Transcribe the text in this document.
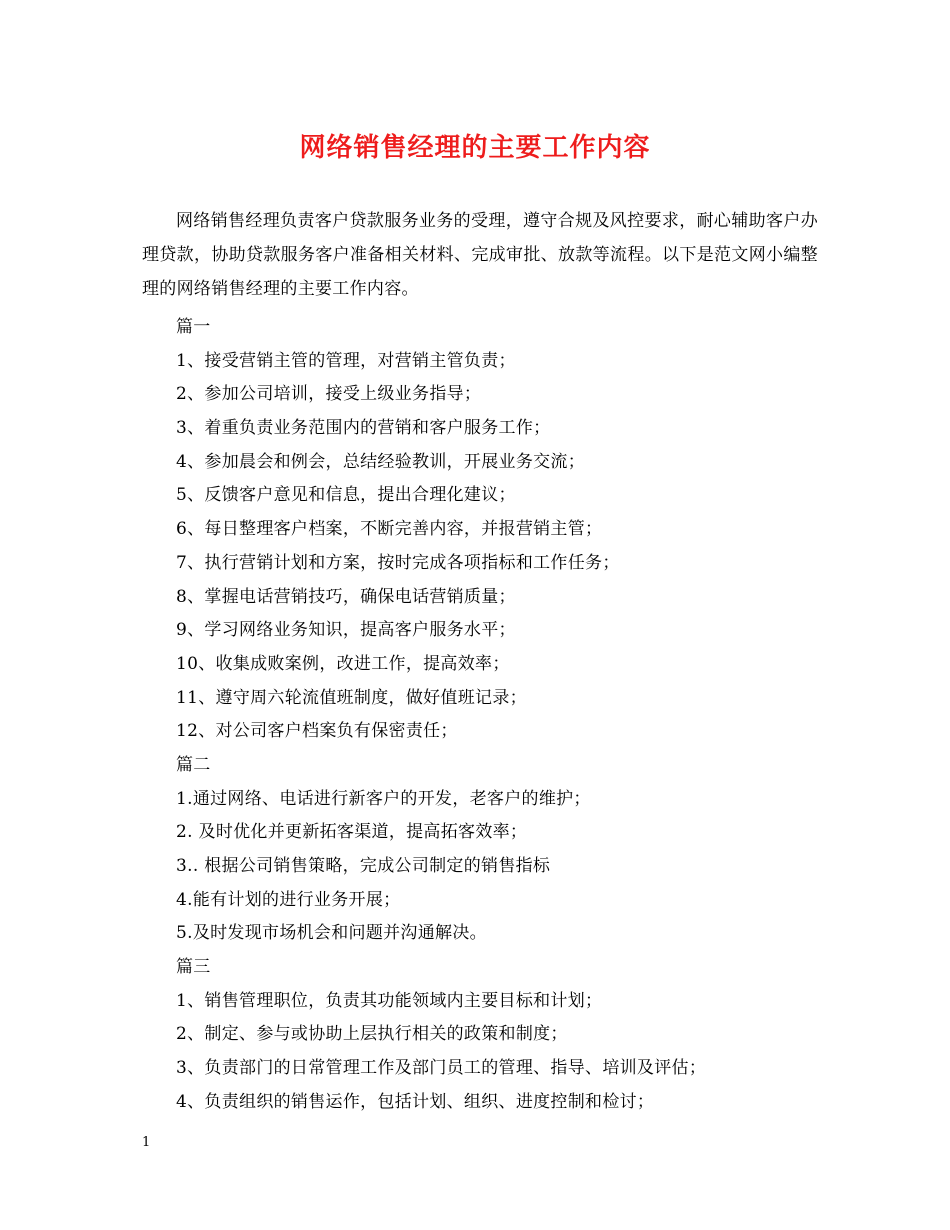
网络销售经理的主要工作内容
网络销售经理负责客户贷款服务业务的受理，遵守合规及风控要求，耐心辅助客户办理贷款，协助贷款服务客户准备相关材料、完成审批、放款等流程。以下是范文网小编整理的网络销售经理的主要工作内容。
篇一
1、接受营销主管的管理，对营销主管负责；
2、参加公司培训，接受上级业务指导；
3、着重负责业务范围内的营销和客户服务工作；
4、参加晨会和例会，总结经验教训，开展业务交流；
5、反馈客户意见和信息，提出合理化建议；
6、每日整理客户档案，不断完善内容，并报营销主管；
7、执行营销计划和方案，按时完成各项指标和工作任务；
8、掌握电话营销技巧，确保电话营销质量；
9、学习网络业务知识，提高客户服务水平；
10、收集成败案例，改进工作，提高效率；
11、遵守周六轮流值班制度，做好值班记录；
12、对公司客户档案负有保密责任；
篇二
1.通过网络、电话进行新客户的开发，老客户的维护；
2. 及时优化并更新拓客渠道，提高拓客效率；
3.. 根据公司销售策略，完成公司制定的销售指标
4.能有计划的进行业务开展；
5.及时发现市场机会和问题并沟通解决。
篇三
1、销售管理职位，负责其功能领域内主要目标和计划；
2、制定、参与或协助上层执行相关的政策和制度；
3、负责部门的日常管理工作及部门员工的管理、指导、培训及评估；
4、负责组织的销售运作，包括计划、组织、进度控制和检讨；
1
